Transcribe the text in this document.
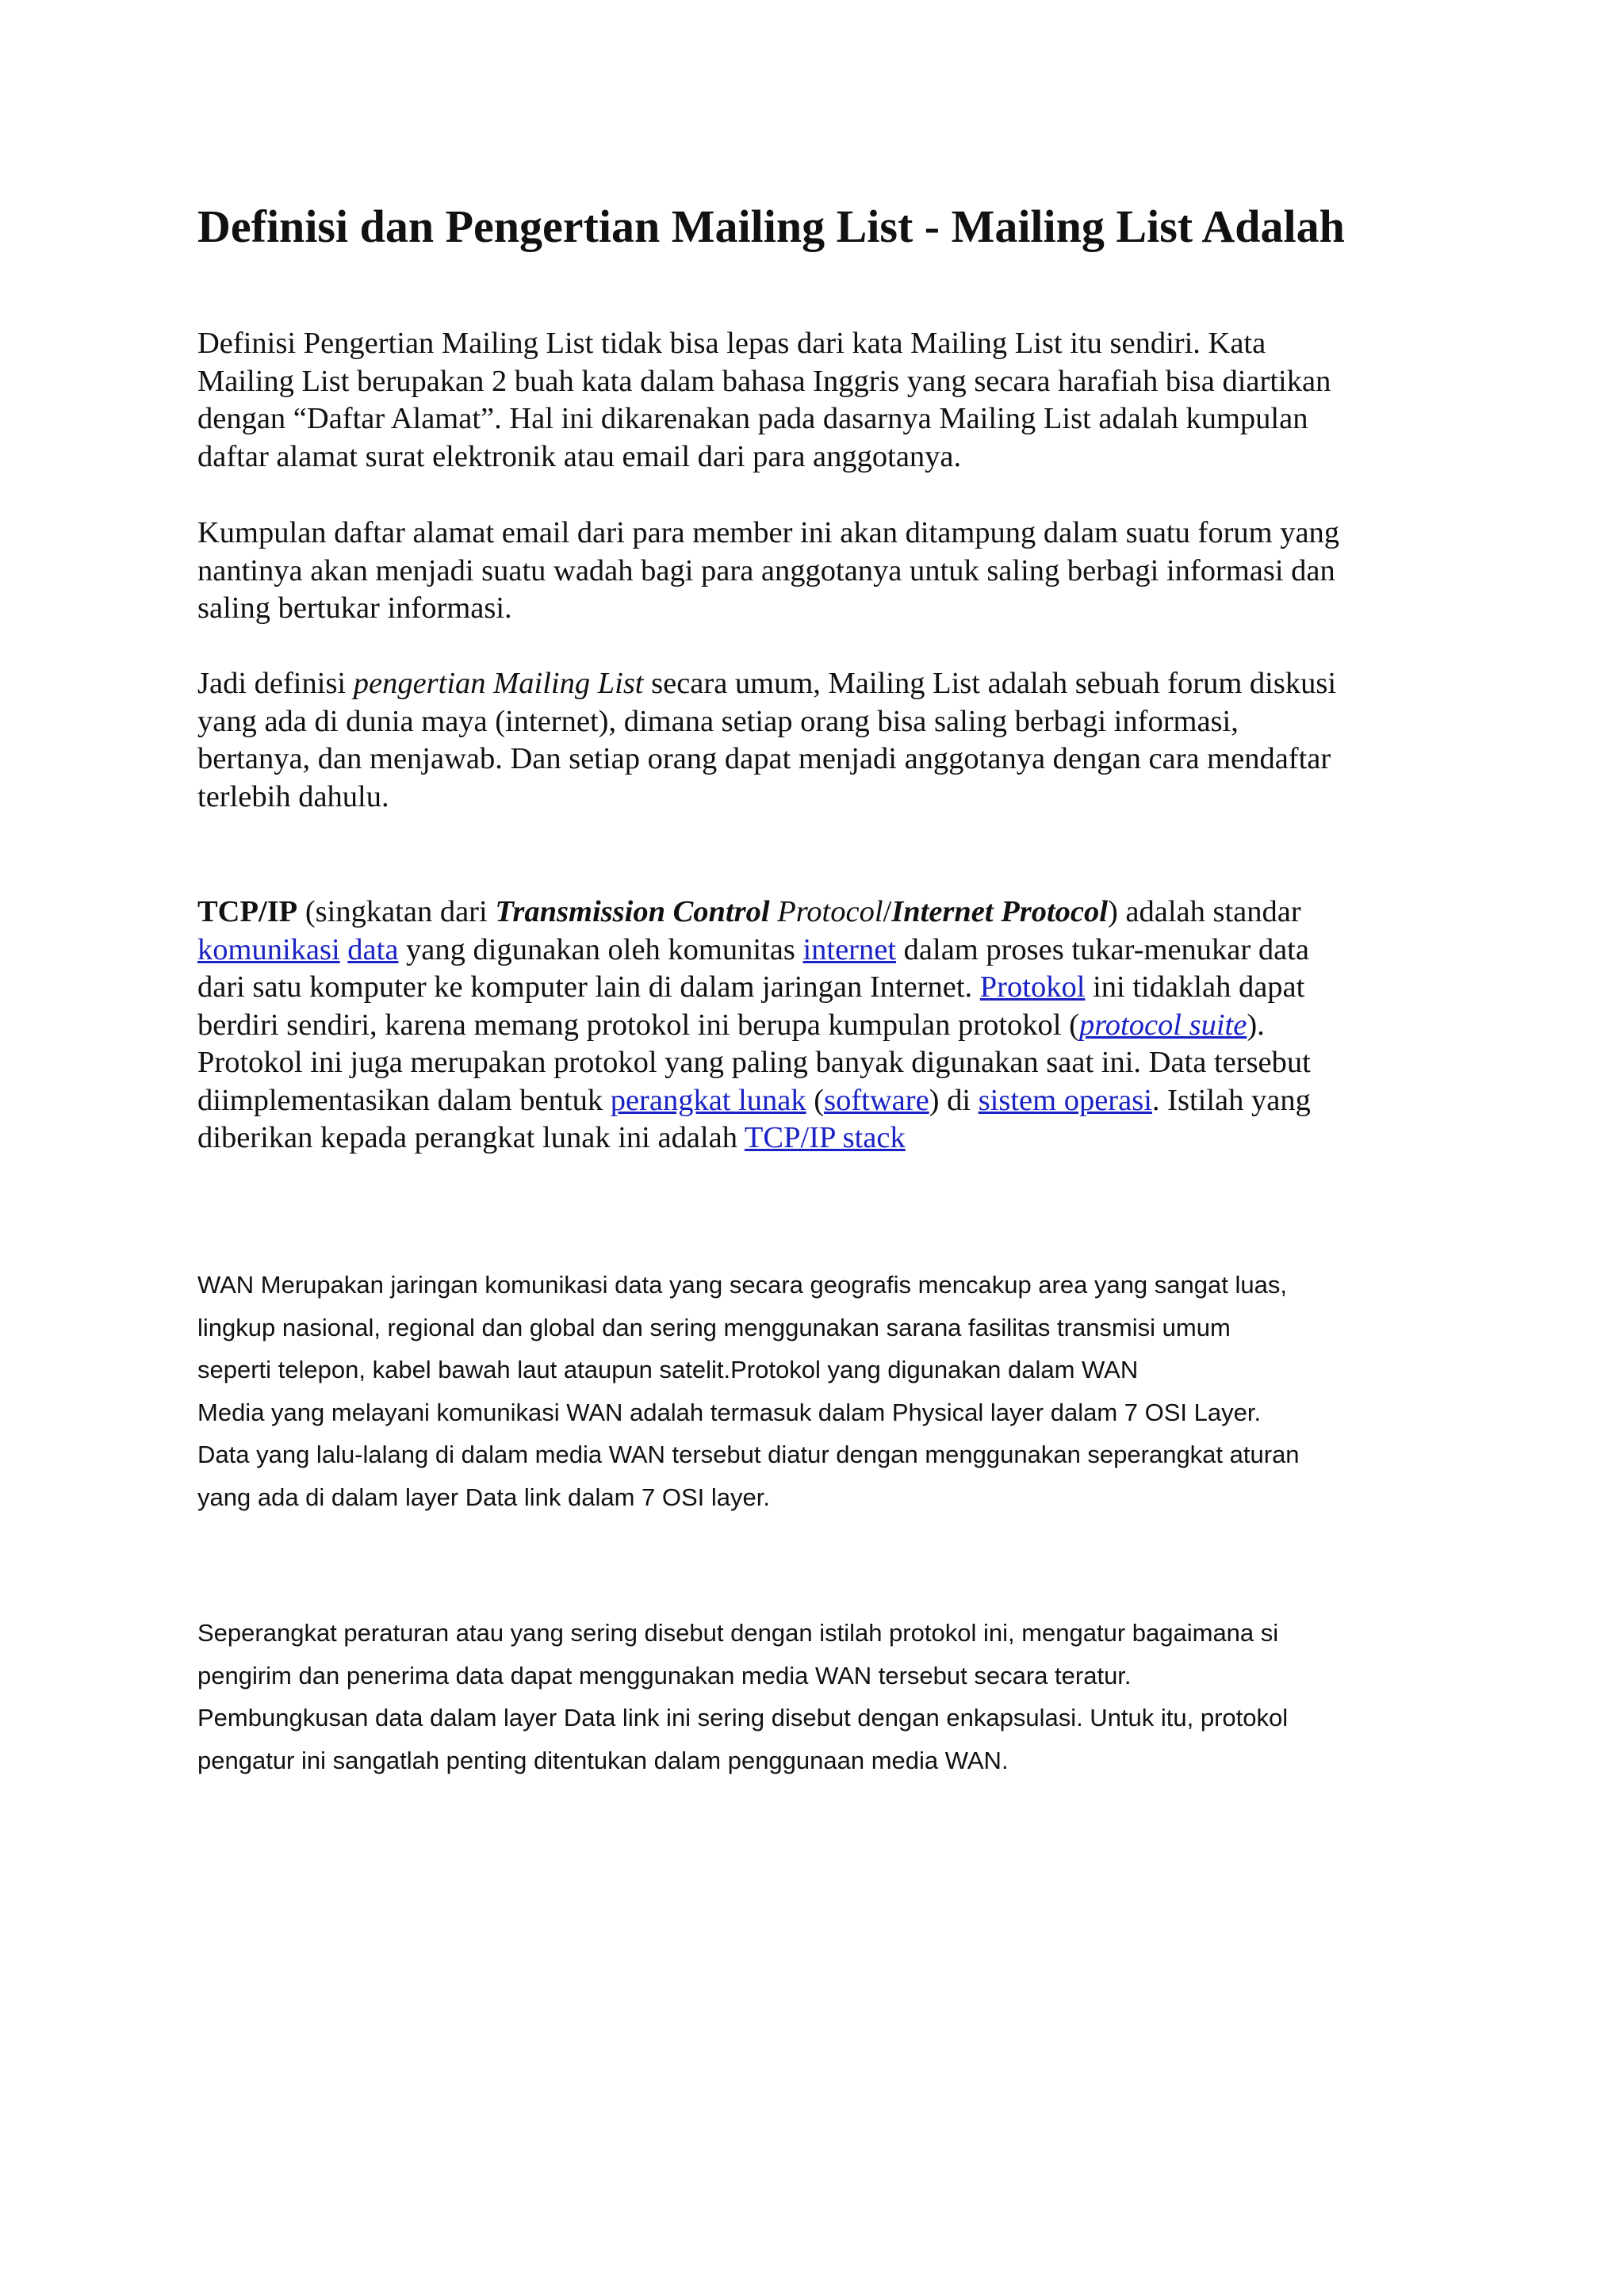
Definisi dan Pengertian Mailing List - Mailing List Adalah

Definisi Pengertian Mailing List tidak bisa lepas dari kata Mailing List itu sendiri. Kata
Mailing List berupakan 2 buah kata dalam bahasa Inggris yang secara harafiah bisa diartikan
dengan “Daftar Alamat”. Hal ini dikarenakan pada dasarnya Mailing List adalah kumpulan
daftar alamat surat elektronik atau email dari para anggotanya.

Kumpulan daftar alamat email dari para member ini akan ditampung dalam suatu forum yang
nantinya akan menjadi suatu wadah bagi para anggotanya untuk saling berbagi informasi dan
saling bertukar informasi.

Jadi definisi pengertian Mailing List secara umum, Mailing List adalah sebuah forum diskusi
yang ada di dunia maya (internet), dimana setiap orang bisa saling berbagi informasi,
bertanya, dan menjawab. Dan setiap orang dapat menjadi anggotanya dengan cara mendaftar
terlebih dahulu.

TCP/IP (singkatan dari Transmission Control Protocol/Internet Protocol) adalah standar
komunikasi data yang digunakan oleh komunitas internet dalam proses tukar-menukar data
dari satu komputer ke komputer lain di dalam jaringan Internet. Protokol ini tidaklah dapat
berdiri sendiri, karena memang protokol ini berupa kumpulan protokol (protocol suite).
Protokol ini juga merupakan protokol yang paling banyak digunakan saat ini. Data tersebut
diimplementasikan dalam bentuk perangkat lunak (software) di sistem operasi. Istilah yang
diberikan kepada perangkat lunak ini adalah TCP/IP stack

WAN Merupakan jaringan komunikasi data yang secara geografis mencakup area yang sangat luas,
lingkup nasional, regional dan global dan sering menggunakan sarana fasilitas transmisi umum
seperti telepon, kabel bawah laut ataupun satelit.Protokol yang digunakan dalam WAN
Media yang melayani komunikasi WAN adalah termasuk dalam Physical layer dalam 7 OSI Layer.
Data yang lalu-lalang di dalam media WAN tersebut diatur dengan menggunakan seperangkat aturan
yang ada di dalam layer Data link dalam 7 OSI layer.

Seperangkat peraturan atau yang sering disebut dengan istilah protokol ini, mengatur bagaimana si
pengirim dan penerima data dapat menggunakan media WAN tersebut secara teratur.
Pembungkusan data dalam layer Data link ini sering disebut dengan enkapsulasi. Untuk itu, protokol
pengatur ini sangatlah penting ditentukan dalam penggunaan media WAN.
